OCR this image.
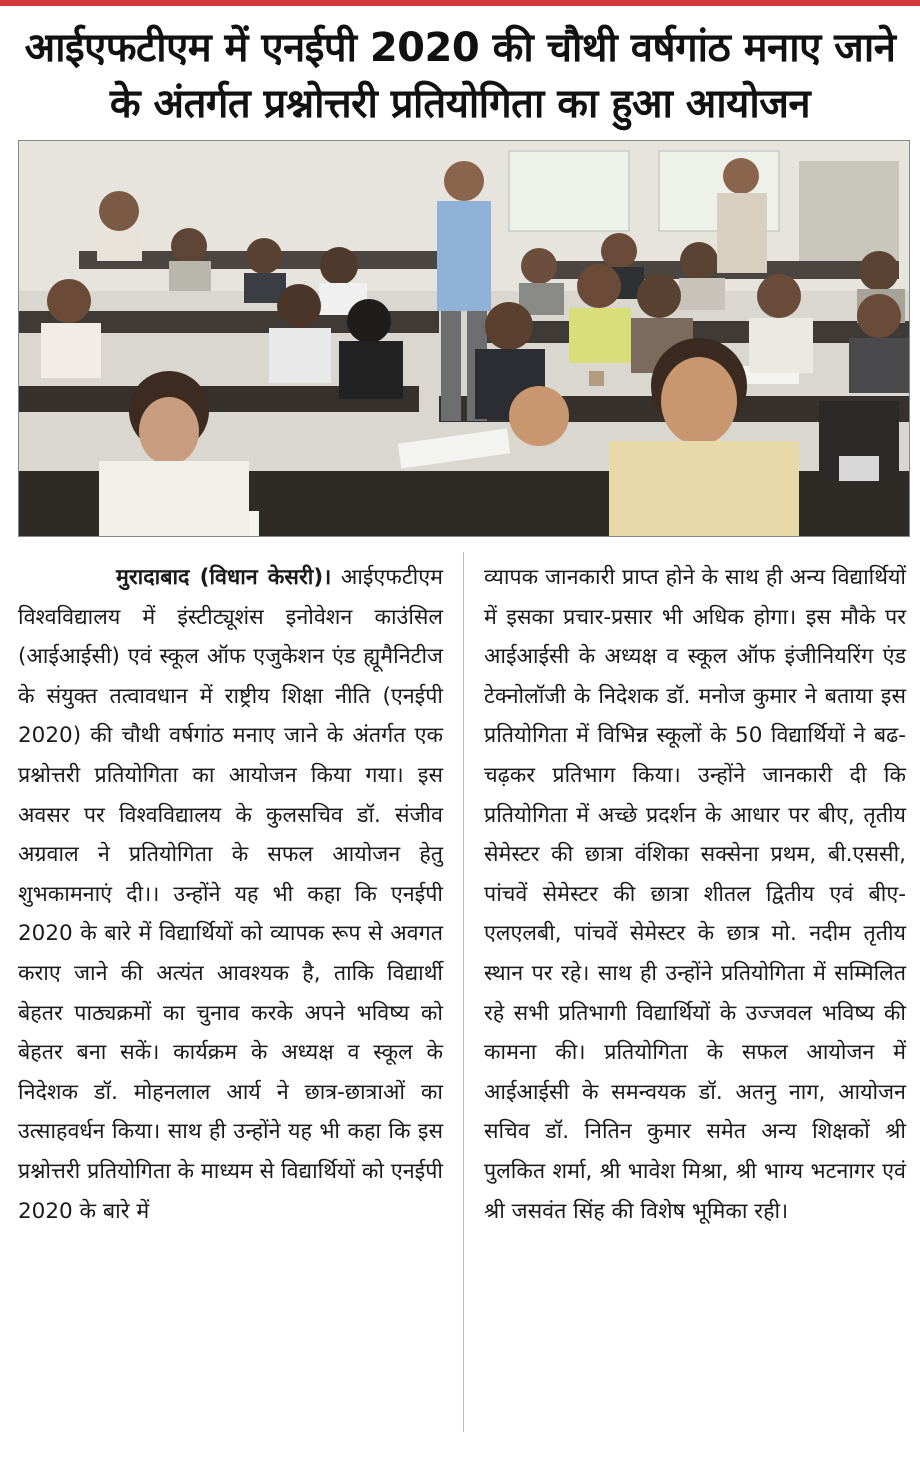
आईएफटीएम में एनईपी 2020 की चौथी वर्षगांठ मनाए जाने के अंतर्गत प्रश्नोत्तरी प्रतियोगिता का हुआ आयोजन

मुरादाबाद (विधान केसरी)। आईएफटीएम विश्वविद्यालय में इंस्टीट्यूशंस इनोवेशन काउंसिल (आईआईसी) एवं स्कूल ऑफ एजुकेशन एंड ह्यूमैनिटीज के संयुक्त तत्वावधान में राष्ट्रीय शिक्षा नीति (एनईपी 2020) की चौथी वर्षगांठ मनाए जाने के अंतर्गत एक प्रश्नोत्तरी प्रतियोगिता का आयोजन किया गया। इस अवसर पर विश्वविद्यालय के कुलसचिव डॉ. संजीव अग्रवाल ने प्रतियोगिता के सफल आयोजन हेतु शुभकामनाएं दी।। उन्होंने यह भी कहा कि एनईपी 2020 के बारे में विद्यार्थियों को व्यापक रूप से अवगत कराए जाने की अत्यंत आवश्यक है, ताकि विद्यार्थी बेहतर पाठ्यक्रमों का चुनाव करके अपने भविष्य को बेहतर बना सकें। कार्यक्रम के अध्यक्ष व स्कूल के निदेशक डॉ. मोहनलाल आर्य ने छात्र-छात्राओं का उत्साहवर्धन किया। साथ ही उन्होंने यह भी कहा कि इस प्रश्नोत्तरी प्रतियोगिता के माध्यम से विद्यार्थियों को एनईपी 2020 के बारे में

व्यापक जानकारी प्राप्त होने के साथ ही अन्य विद्यार्थियों में इसका प्रचार-प्रसार भी अधिक होगा। इस मौके पर आईआईसी के अध्यक्ष व स्कूल ऑफ इंजीनियरिंग एंड टेक्नोलॉजी के निदेशक डॉ. मनोज कुमार ने बताया इस प्रतियोगिता में विभिन्न स्कूलों के 50 विद्यार्थियों ने बढ-चढ़कर प्रतिभाग किया। उन्होंने जानकारी दी कि प्रतियोगिता में अच्छे प्रदर्शन के आधार पर बीए, तृतीय सेमेस्टर की छात्रा वंशिका सक्सेना प्रथम, बी.एससी, पांचवें सेमेस्टर की छात्रा शीतल द्वितीय एवं बीए-एलएलबी, पांचवें सेमेस्टर के छात्र मो. नदीम तृतीय स्थान पर रहे। साथ ही उन्होंने प्रतियोगिता में सम्मिलित रहे सभी प्रतिभागी विद्यार्थियों के उज्जवल भविष्य की कामना की। प्रतियोगिता के सफल आयोजन में आईआईसी के समन्वयक डॉ. अतनु नाग, आयोजन सचिव डॉ. नितिन कुमार समेत अन्य शिक्षकों श्री पुलकित शर्मा, श्री भावेश मिश्रा, श्री भाग्य भटनागर एवं श्री जसवंत सिंह की विशेष भूमिका रही।
